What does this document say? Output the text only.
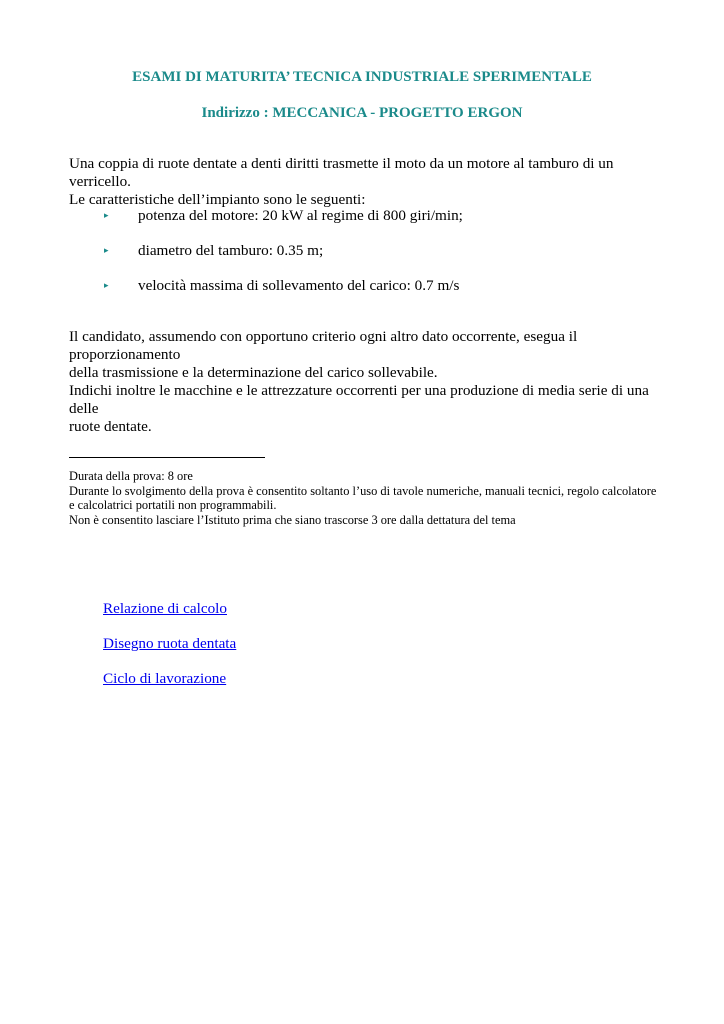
ESAMI DI MATURITA’ TECNICA INDUSTRIALE SPERIMENTALE
Indirizzo : MECCANICA - PROGETTO ERGON
Una coppia di ruote dentate a denti diritti trasmette il moto da un motore al tamburo di un verricello.
Le caratteristiche dell’impianto sono le seguenti:
▸ potenza del motore: 20 kW al regime di 800 giri/min;
▸ diametro del tamburo: 0.35 m;
▸ velocità massima di sollevamento del carico: 0.7 m/s
Il candidato, assumendo con opportuno criterio ogni altro dato occorrente, esegua il proporzionamento
della trasmissione e la determinazione del carico sollevabile.
Indichi inoltre le macchine e le attrezzature occorrenti per una produzione di media serie di una delle
ruote dentate.
Durata della prova: 8 ore
Durante lo svolgimento della prova è consentito soltanto l’uso di tavole numeriche, manuali tecnici, regolo calcolatore
e calcolatrici portatili non programmabili.
Non è consentito lasciare l’Istituto prima che siano trascorse 3 ore dalla dettatura del tema
Relazione di calcolo
Disegno ruota dentata
Ciclo di lavorazione
